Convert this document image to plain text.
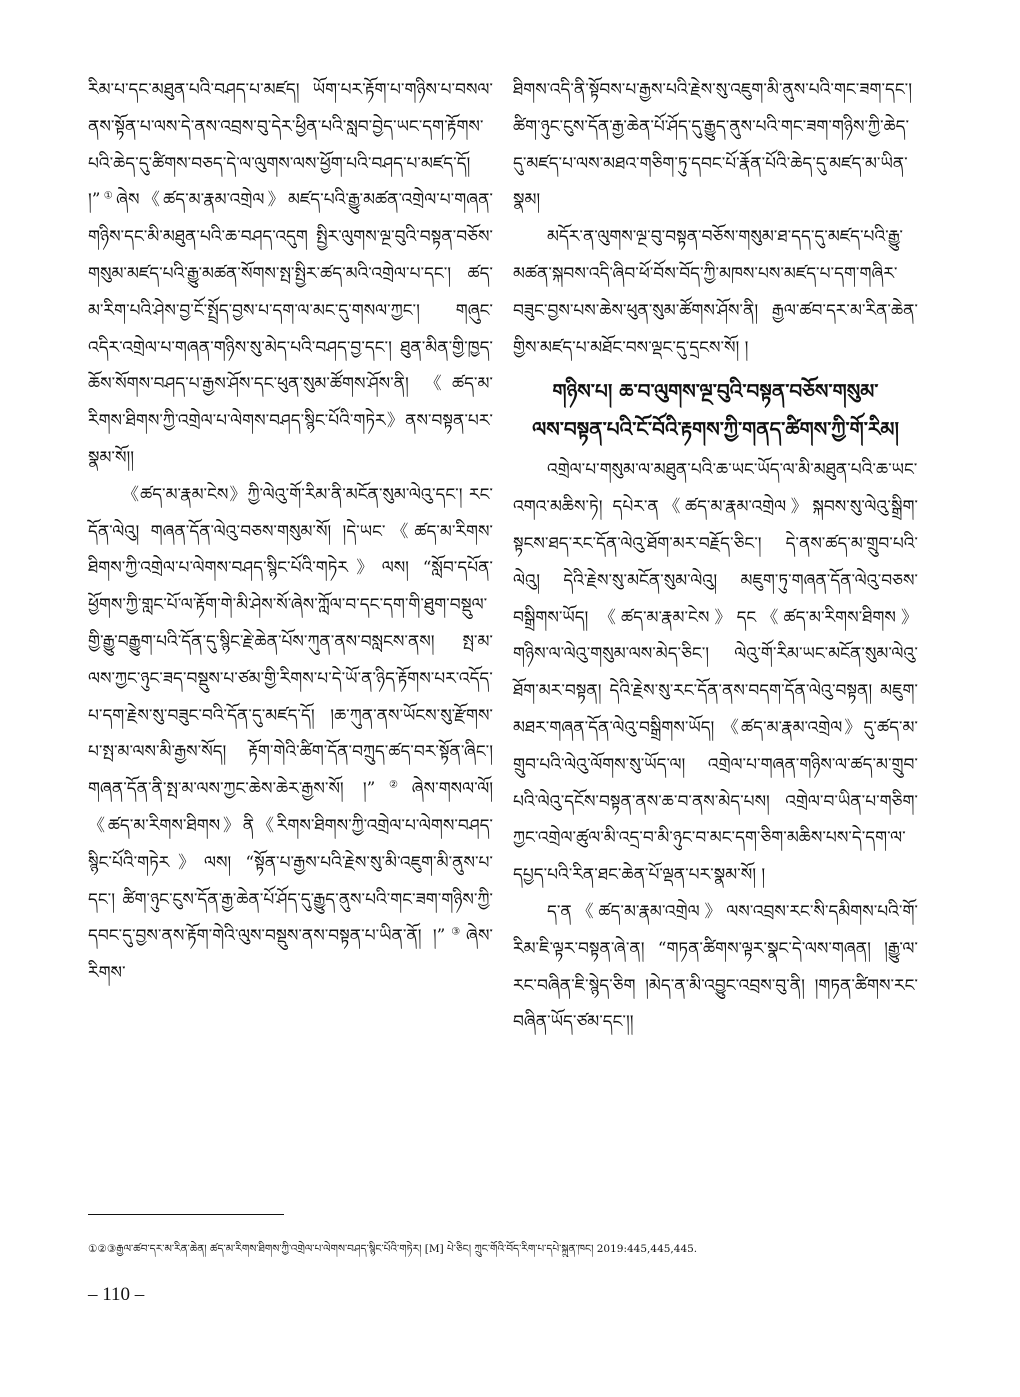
རིམ་པ་དང་མཐུན་པའི་བཤད་པ་མཛད། ཡོག་པར་རྟོག་པ་གཉིས་པ་བསལ་ནས་སྟོན་པ་ལས་དེ་ནས་འབྲས་བུ་དེར་ཕྱིན་པའི་སླབ་བྱེད་ཡང་དག་རྟོགས་པའི་ཆེད་དུ་ཚིགས་བཅད་དེ་ལ་ལུགས་ལས་ཕྱོག་པའི་བཤད་པ་མཛད་དོ། །”①ཞེས《ཚད་མ་རྣམ་འགྲེལ》མཛད་པའི་རྒྱུ་མཚན་འགྲེལ་པ་གཞན་གཉིས་དང་མི་མཐུན་པའི་ཆ་བཤད་འདུག སྤྱིར་ལུགས་ལྔ་བུའི་བསྟན་བཅོས་གསུམ་མཛད་པའི་རྒྱུ་མཚན་སོགས་སྤ་སྤྱིར་ཚད་མའི་འགྲེལ་པ་དང་། ཚད་མ་རིག་པའི་ཤེས་བྱ་ངོ་སྤྲོད་བྱས་པ་དག་ལ་མང་དུ་གསལ་ཀྱང་། གཞུང་འདིར་འགྲེལ་པ་གཞན་གཉིས་སུ་མེད་པའི་བཤད་བྱ་དང་། ཐུན་མིན་གྱི་ཁྱད་ཆོས་སོགས་བཤད་པ་རྒྱས་ཤོས་དང་ཕུན་སུམ་ཚོགས་ཤོས་ནི། 《ཚད་མ་རིགས་ཐིགས་ཀྱི་འགྲེལ་པ་ལེགས་བཤད་སྙིང་པོའི་གཏེར》ནས་བསྟན་པར་སྣམ་སོ།།

《ཚད་མ་རྣམ་ངེས》ཀྱི་ལེའུ་གོ་རིམ་ནི་མངོན་སུམ་ལེའུ་དང་། རང་དོན་ལེའུ། གཞན་དོན་ལེའུ་བཅས་གསུམ་སོ། །དེ་ཡང་《ཚད་མ་རིགས་ཐིགས་ཀྱི་འགྲེལ་པ་ལེགས་བཤད་སྙིང་པོའི་གཏེར》ལས། “སློབ་དཔོན་ཕྱོགས་ཀྱི་གླང་པོ་ལ་རྟོག་གེ་མི་ཤེས་སོ་ཞེས་ཀློལ་བ་དང་དག་གི་ཐུག་བསྡུལ་གྱི་རྒྱུ་བརྒྱུག་པའི་དོན་དུ་སྙིང་རྗེ་ཆེན་པོས་ཀུན་ནས་བསླངས་ནས། སྤ་མ་ལས་ཀྱང་ཉུང་ཟད་བསྡུས་པ་ཙམ་གྱི་རིགས་པ་དེ་ཡོ་ན་ཉིད་རྟོགས་པར་འདོད་པ་དག་རྗེས་སུ་བཟུང་བའི་དོན་དུ་མཛད་དོ། །ཆ་ཀུན་ནས་ཡོངས་སུ་རྫོགས་པ་སྤ་མ་ལས་མི་རྒྱས་སོད། རྟོག་གེའི་ཚིག་དོན་བཀྲུད་ཚད་བར་སྟོན་ཞིང་། གཞན་དོན་ནི་སྤ་མ་ལས་ཀྱང་ཆེས་ཆེར་རྒྱས་སོ། །”②ཞེས་གསལ་ལོ། 《ཚད་མ་རིགས་ཐིགས》ནི《རིགས་ཐིགས་ཀྱི་འགྲེལ་པ་ལེགས་བཤད་སྙིང་པོའི་གཏེར》ལས། “སྟོན་པ་རྒྱས་པའི་རྗེས་སུ་མི་འཇུག་མི་ནུས་པ་དང་། ཚིག་ཉུང་ངུས་དོན་རྒྱ་ཆེན་པོ་ཤོད་དུ་རྒྱུད་ནུས་པའི་གང་ཟག་གཉིས་ཀྱི་དབང་དུ་བྱས་ནས་རྟོག་གེའི་ལུས་བསྡུས་ནས་བསྟན་པ་ཡིན་ནོ། །”③ཞེས་རིགས་

ཐིགས་འདི་ནི་སྟོབས་པ་རྒྱས་པའི་རྗེས་སུ་འཇུག་མི་ནུས་པའི་གང་ཟག་དང་། ཚིག་ཉུང་ངུས་དོན་རྒྱ་ཆེན་པོ་ཤོད་དུ་རྒྱུད་ནུས་པའི་གང་ཟག་གཉིས་ཀྱི་ཆེད་དུ་མཛད་པ་ལས་མཐའ་གཅིག་ཏུ་དབང་པོ་རྣོན་པོའི་ཆེད་དུ་མཛད་མ་ཡིན་སྣམ།

མདོར་ན་ལུགས་ལྔ་བུ་བསྟན་བཅོས་གསུམ་ཐ་དད་དུ་མཛད་པའི་རྒྱུ་མཚན་སྐབས་འདི་ཞིབ་ཕོ་བོས་བོད་ཀྱི་མཁས་པས་མཛད་པ་དག་གཞིར་བཟུང་བྱས་པས་ཆེས་ཕུན་སུམ་ཚོགས་ཤོས་ནི། རྒྱལ་ཚབ་དར་མ་རིན་ཆེན་གྱིས་མཛད་པ་མཐོང་བས་ལྡང་དུ་དྲངས་སོ། །

གཉིས་པ། ཆ་བ་ལུགས་ལྔ་བུའི་བསྟན་བཅོས་གསུམ་
ལས་བསྟན་པའི་ངོ་བོའི་རྟགས་ཀྱི་གནད་ཚིགས་ཀྱི་གོ་རིམ།

འགྲེལ་པ་གསུམ་ལ་མཐུན་པའི་ཆ་ཡང་ཡོད་ལ་མི་མཐུན་པའི་ཆ་ཡང་འགའ་མཆིས་ཏེ། དཔེར་ན《ཚད་མ་རྣམ་འགྲེལ》སྐབས་སུ་ལེའུ་སྒྲིག་སྟངས་ཐད་རང་དོན་ལེའུ་ཐོག་མར་བརྗོད་ཅིང་། དེ་ནས་ཚད་མ་གྲུབ་པའི་ལེའུ། དེའི་རྗེས་སུ་མངོན་སུམ་ལེའུ། མཇུག་ཏུ་གཞན་དོན་ལེའུ་བཅས་བསྒྲིགས་ཡོད། 《ཚད་མ་རྣམ་ངེས》དང《ཚད་མ་རིགས་ཐིགས》གཉིས་ལ་ལེའུ་གསུམ་ལས་མེད་ཅིང་། ལེའུ་གོ་རིམ་ཡང་མངོན་སུམ་ལེའུ་ཐོག་མར་བསྟན། དེའི་རྗེས་སུ་རང་དོན་ནས་བདག་དོན་ལེའུ་བསྟན། མཇུག་མཐར་གཞན་དོན་ལེའུ་བསྒྲིགས་ཡོད། 《ཚད་མ་རྣམ་འགྲེལ》དུ་ཚད་མ་གྲུབ་པའི་ལེའུ་ལོགས་སུ་ཡོད་ལ། འགྲེལ་པ་གཞན་གཉིས་ལ་ཚད་མ་གྲུབ་པའི་ལེའུ་དངོས་བསྟན་ནས་ཆ་བ་ནས་མེད་པས། འགྲེལ་བ་ཡིན་པ་གཅིག་ཀྱང་འགྲེལ་ཚུལ་མི་འདྲ་བ་མི་ཉུང་བ་མང་དག་ཅིག་མཆིས་པས་དེ་དག་ལ་དཔྱད་པའི་རིན་ཐང་ཆེན་པོ་ལྡན་པར་སྣམ་སོ། །

ད་ན《ཚད་མ་རྣམ་འགྲེལ》ལས་འབྲས་རང་སི་དམིགས་པའི་གོ་རིམ་ཇི་ལྟར་བསྟན་ཞེ་ན། “གཏན་ཚིགས་ལྟར་སྣང་དེ་ལས་གཞན། །རྒྱུ་ལ་རང་བཞིན་ཇི་སྙེད་ཅིག །མེད་ན་མི་འབྱུང་འབྲས་བུ་ནི། །གཏན་ཚིགས་རང་བཞིན་ཡོད་ཙམ་དང་།།

①②③རྒྱལ་ཚབ་དར་མ་རིན་ཆེན། ཚད་མ་རིགས་ཐིགས་ཀྱི་འགྲེལ་པ་ལེགས་བཤད་སྙིང་པོའི་གཏེར། [M] པེ་ཅིང། ཀྲུང་གོའི་བོད་རིག་པ་དཔེ་སྐྲུན་ཁང། 2019:445,445,445.
– 110 –
